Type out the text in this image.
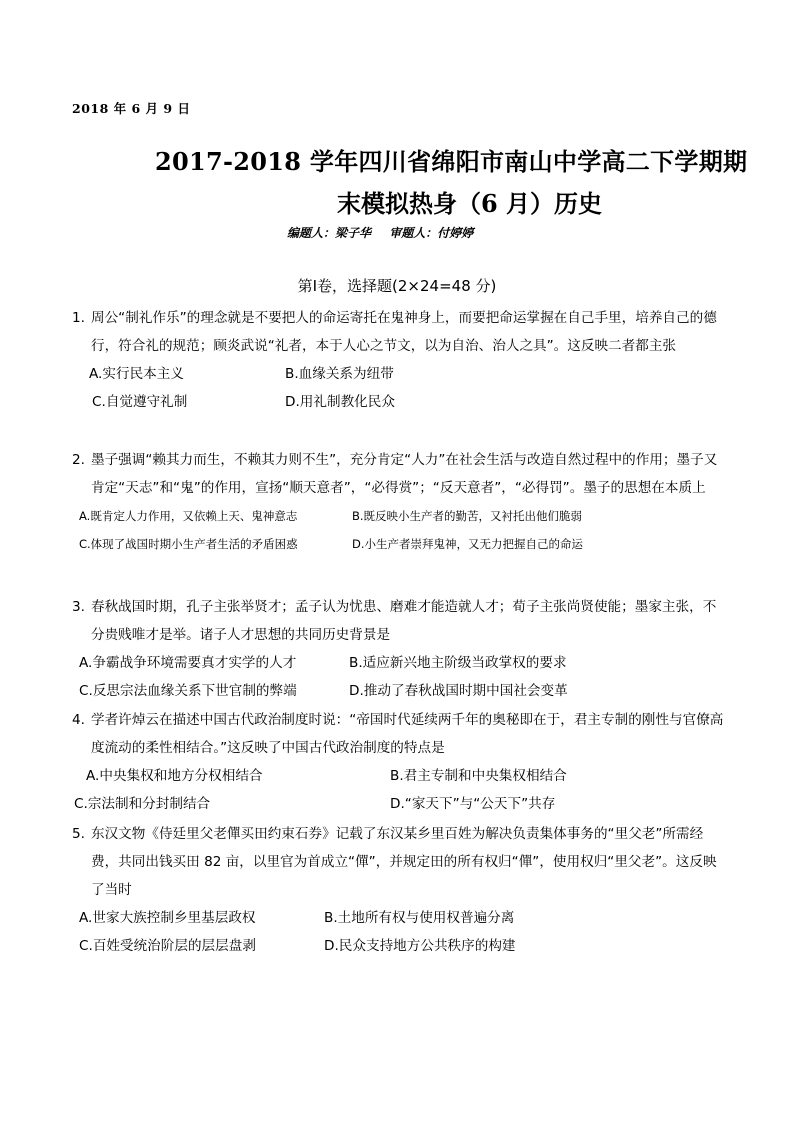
2018 年 6 月 9 日
2017-2018 学年四川省绵阳市南山中学高二下学期期
末模拟热身（6 月）历史
编题人：梁子华 审题人：付婷婷
第Ⅰ卷，选择题(2×24=48 分)
1. 周公“制礼作乐”的理念就是不要把人的命运寄托在鬼神身上，而要把命运掌握在自己手里，培养自己的德行，符合礼的规范；顾炎武说“礼者，本于人心之节文，以为自治、治人之具”。这反映二者都主张
A.实行民本主义	B.血缘关系为纽带
C.自觉遵守礼制	D.用礼制教化民众
2. 墨子强调“赖其力而生，不赖其力则不生”，充分肯定“人力”在社会生活与改造自然过程中的作用；墨子又肯定“天志”和“鬼”的作用，宣扬“顺天意者”，“必得赏”；“反天意者”，“必得罚”。墨子的思想在本质上
A.既肯定人力作用，又依赖上天、鬼神意志	B.既反映小生产者的勤苦，又衬托出他们脆弱
C.体现了战国时期小生产者生活的矛盾困惑	D.小生产者崇拜鬼神，又无力把握自己的命运
3. 春秋战国时期，孔子主张举贤才；孟子认为忧患、磨难才能造就人才；荀子主张尚贤使能；墨家主张，不分贵贱唯才是举。诸子人才思想的共同历史背景是
A.争霸战争环境需要真才实学的人才	B.适应新兴地主阶级当政掌权的要求
C.反思宗法血缘关系下世官制的弊端	D.推动了春秋战国时期中国社会变革
4. 学者许焯云在描述中国古代政治制度时说：“帝国时代延续两千年的奥秘即在于，君主专制的刚性与官僚高度流动的柔性相结合。”这反映了中国古代政治制度的特点是
A.中央集权和地方分权相结合	B.君主专制和中央集权相结合
C.宗法制和分封制结合	D.“家天下”与“公天下”共存
5. 东汉文物《侍廷里父老僤买田约束石券》记载了东汉某乡里百姓为解决负责集体事务的“里父老”所需经费，共同出钱买田 82 亩，以里官为首成立“僤”，并规定田的所有权归“僤”，使用权归“里父老”。这反映了当时
A.世家大族控制乡里基层政权	B.土地所有权与使用权普遍分离
C.百姓受统治阶层的层层盘剥	D.民众支持地方公共秩序的构建
